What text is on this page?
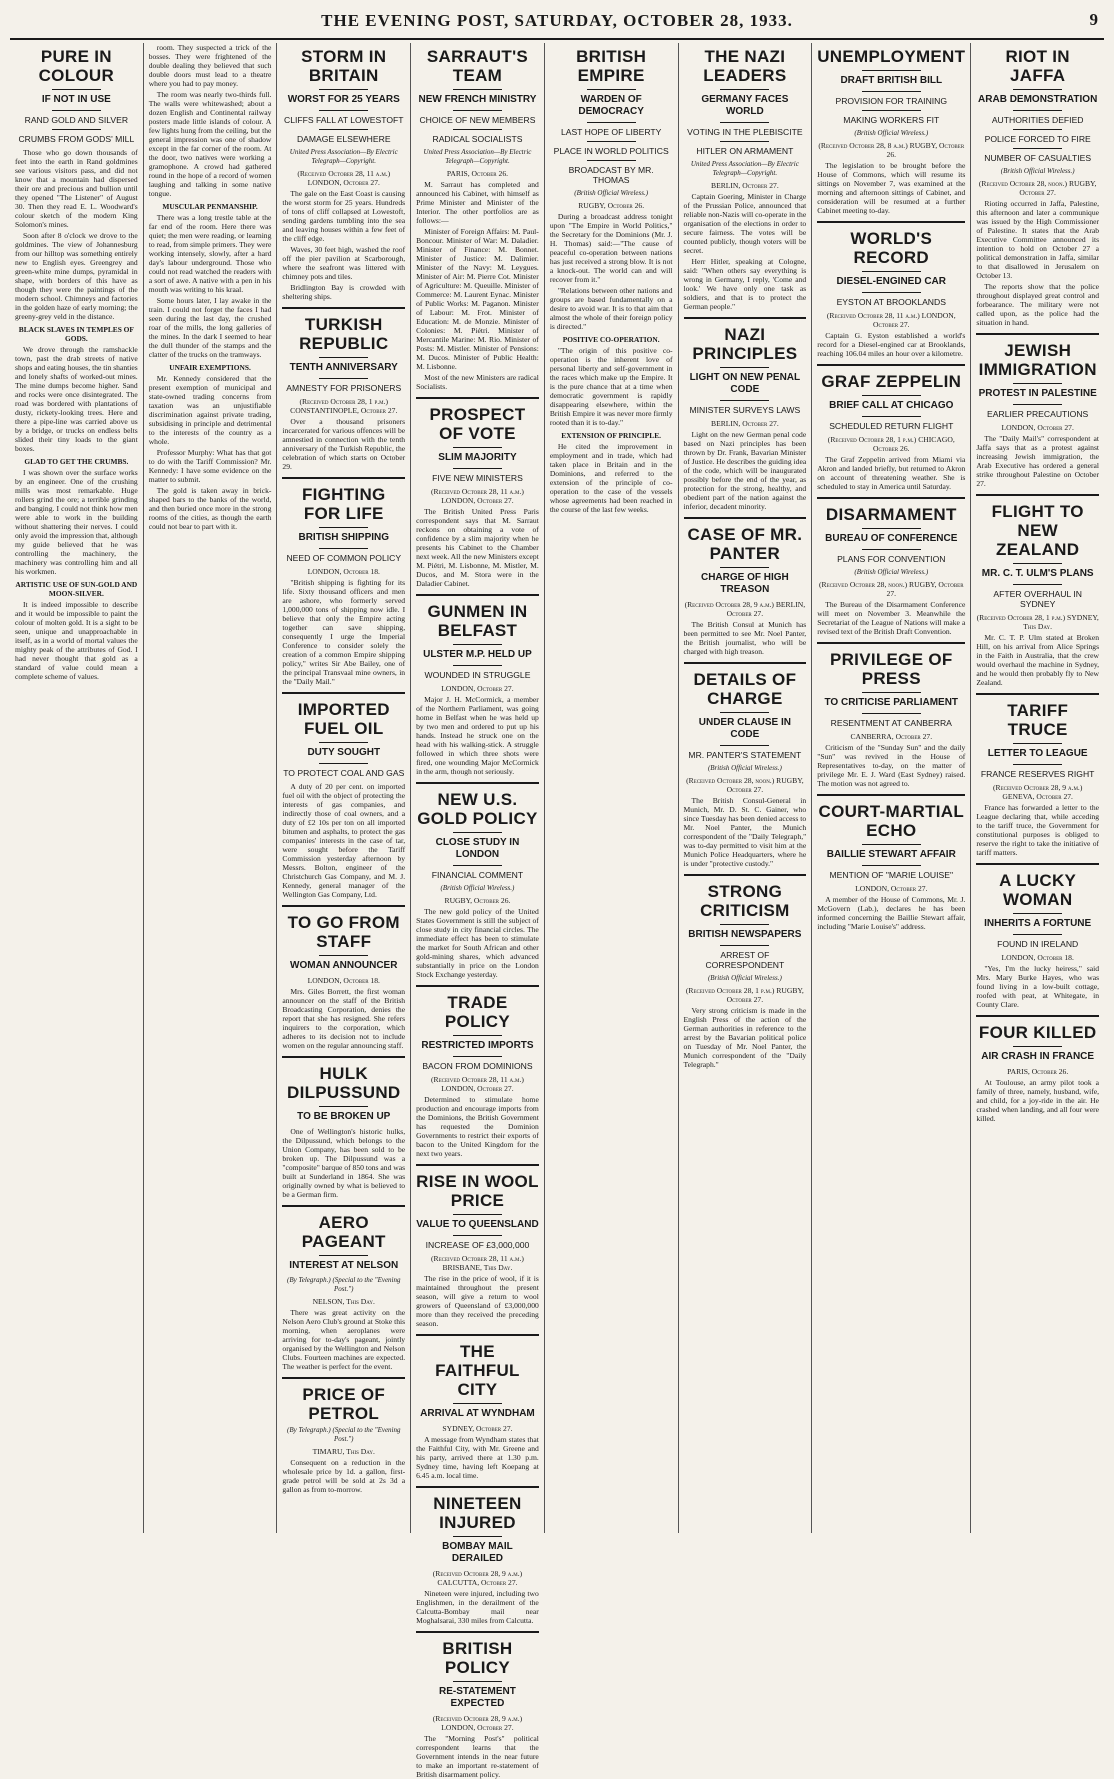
THE EVENING POST, SATURDAY, OCTOBER 28, 1933.	9
PURE IN COLOUR
IF NOT IN USE
RAND GOLD AND SILVER
CRUMBS FROM GODS' MILL

Those who go down thousands of feet into the earth in Rand goldmines see various visitors pass, and did not know that a mountain had dispersed their ore and precious and bullion until they opened "The Listener" of August 30. Then they read E. L. Woodward's colour sketch of the modern King Solomon's mines.

Soon after 8 o'clock we drove to the goldmines. The view of Johannesburg from our hilltop was something entirely new to English eyes. Greengrey and green-white mine dumps, pyramidal in shape, with borders of this have as though they were the paintings of the modern school. Chimneys and factories in the golden haze of early morning; the greeny-grey veld in the distance.

BLACK SLAVES IN TEMPLES OF GODS.

We drove through the ramshackle town, past the drab streets of native shops and eating houses, the tin shanties and lonely shafts of worked-out mines. The mine dumps become higher. Sand and rocks were once disintegrated. The road was bordered with plantations of dusty, rickety-looking trees. Here and there a pipe-line was carried above us by a bridge, or trucks on endless belts slided their tiny loads to the giant boxes.

GLAD TO GET THE CRUMBS.

I was shown over the surface works by an engineer. One of the crushing mills was most remarkable. Huge rollers grind the ore; a terrible grinding and banging. I could not think how men were able to work in the building without shattering their nerves. I could only avoid the impression that, although my guide believed that he was controlling the machinery, the machinery was controlling him and all his workmen.

ARTISTIC USE OF SUN-GOLD AND MOON-SILVER.

It is indeed impossible to describe and it would be impossible to paint the colour of molten gold. It is a sight to be seen, unique and unapproachable in itself, as in a world of mortal values the mighty peak of the attributes of God. I had never thought that gold as a standard of value could mean a complete scheme of values.

room. They suspected a trick of the bosses. They were frightened of the double dealing they believed that such double doors must lead to a theatre where you had to pay money.

The room was nearly two-thirds full. The walls were whitewashed; about a dozen English and Continental railway posters made little islands of colour. A few lights hung from the ceiling, but the general impression was one of shadow except in the far corner of the room. At the door, two natives were working a gramophone. A crowd had gathered round in the hope of a record of women laughing and talking in some native tongue.

MUSCULAR PENMANSHIP.

There was a long trestle table at the far end of the room. Here there was quiet; the men were reading, or learning to read, from simple primers. They were working intensely, slowly, after a hard day's labour underground. Those who could not read watched the readers with a sort of awe. A native with a pen in his mouth was writing to his kraal.

Some hours later, I lay awake in the train. I could not forget the faces I had seen during the last day, the crushed roar of the mills, the long galleries of the mines. In the dark I seemed to hear the dull thunder of the stamps and the clatter of the trucks on the tramways.

UNFAIR EXEMPTIONS.

Mr. Kennedy considered that the present exemption of municipal and state-owned trading concerns from taxation was an unjustifiable discrimination against private trading, subsidising in principle and detrimental to the interests of the country as a whole.

Professor Murphy: What has that got to do with the Tariff Commission? Mr. Kennedy: I have some evidence on the matter to submit.

The gold is taken away in brick-shaped bars to the banks of the world, and then buried once more in the strong rooms of the cities, as though the earth could not bear to part with it.

STORM IN BRITAIN
WORST FOR 25 YEARS
CLIFFS FALL AT LOWESTOFT
DAMAGE ELSEWHERE
United Press Association—By Electric Telegraph—Copyright.
(Received October 28, 11 a.m.) LONDON, October 27.

The gale on the East Coast is causing the worst storm for 25 years. Hundreds of tons of cliff collapsed at Lowestoft, sending gardens tumbling into the sea and leaving houses within a few feet of the cliff edge.

Waves, 30 feet high, washed the roof off the pier pavilion at Scarborough, where the seafront was littered with chimney pots and tiles.

Bridlington Bay is crowded with sheltering ships.

TURKISH REPUBLIC
TENTH ANNIVERSARY
AMNESTY FOR PRISONERS
(Received October 28, 1 p.m.) CONSTANTINOPLE, October 27.

Over a thousand prisoners incarcerated for various offences will be amnestied in connection with the tenth anniversary of the Turkish Republic, the celebration of which starts on October 29.

FIGHTING FOR LIFE
BRITISH SHIPPING
NEED OF COMMON POLICY
LONDON, October 18.

"British shipping is fighting for its life. Sixty thousand officers and men are ashore, who formerly served 1,000,000 tons of shipping now idle. I believe that only the Empire acting together can save shipping, consequently I urge the Imperial Conference to consider solely the creation of a common Empire shipping policy," writes Sir Abe Bailey, one of the principal Transvaal mine owners, in the "Daily Mail."

IMPORTED FUEL OIL
DUTY SOUGHT
TO PROTECT COAL AND GAS

A duty of 20 per cent. on imported fuel oil with the object of protecting the interests of gas companies, and indirectly those of coal owners, and a duty of £2 10s per ton on all imported bitumen and asphalts, to protect the gas companies' interests in the case of tar, were sought before the Tariff Commission yesterday afternoon by Messrs. Bolton, engineer of the Christchurch Gas Company, and M. J. Kennedy, general manager of the Wellington Gas Company, Ltd.

TO GO FROM STAFF
WOMAN ANNOUNCER
LONDON, October 18.

Mrs. Giles Borrett, the first woman announcer on the staff of the British Broadcasting Corporation, denies the report that she has resigned. She refers inquirers to the corporation, which adheres to its decision not to include women on the regular announcing staff.

HULK DILPUSSUND
TO BE BROKEN UP

One of Wellington's historic hulks, the Dilpussund, which belongs to the Union Company, has been sold to be broken up. The Dilpussund was a "composite" barque of 850 tons and was built at Sunderland in 1864. She was originally owned by what is believed to be a German firm.

AERO PAGEANT
INTEREST AT NELSON
(By Telegraph.) (Special to the "Evening Post.")
NELSON, This Day.

There was great activity on the Nelson Aero Club's ground at Stoke this morning, when aeroplanes were arriving for to-day's pageant, jointly organised by the Wellington and Nelson Clubs. Fourteen machines are expected. The weather is perfect for the event.

PRICE OF PETROL
(By Telegraph.) (Special to the "Evening Post.")
TIMARU, This Day.

Consequent on a reduction in the wholesale price by 1d. a gallon, first-grade petrol will be sold at 2s 3d a gallon as from to-morrow.

SARRAUT'S TEAM
NEW FRENCH MINISTRY
CHOICE OF NEW MEMBERS
RADICAL SOCIALISTS
United Press Association—By Electric Telegraph—Copyright.
PARIS, October 26.

M. Sarraut has completed and announced his Cabinet, with himself as Prime Minister and Minister of the Interior. The other portfolios are as follows:—

Minister of Foreign Affairs: M. Paul-Boncour. Minister of War: M. Daladier. Minister of Finance: M. Bonnet. Minister of Justice: M. Dalimier. Minister of the Navy: M. Leygues. Minister of Air: M. Pierre Cot. Minister of Agriculture: M. Queuille. Minister of Commerce: M. Laurent Eynac. Minister of Public Works: M. Paganon. Minister of Labour: M. Frot. Minister of Education: M. de Monzie. Minister of Colonies: M. Piétri. Minister of Mercantile Marine: M. Rio. Minister of Posts: M. Mistler. Minister of Pensions: M. Ducos. Minister of Public Health: M. Lisbonne.

Most of the new Ministers are radical Socialists.

PROSPECT OF VOTE
SLIM MAJORITY
FIVE NEW MINISTERS
(Received October 28, 11 a.m.) LONDON, October 27.

The British United Press Paris correspondent says that M. Sarraut reckons on obtaining a vote of confidence by a slim majority when he presents his Cabinet to the Chamber next week. All the new Ministers except M. Piétri, M. Lisbonne, M. Mistler, M. Ducos, and M. Stora were in the Daladier Cabinet.

GUNMEN IN BELFAST
ULSTER M.P. HELD UP
WOUNDED IN STRUGGLE
LONDON, October 27.

Major J. H. McCormick, a member of the Northern Parliament, was going home in Belfast when he was held up by two men and ordered to put up his hands. Instead he struck one on the head with his walking-stick. A struggle followed in which three shots were fired, one wounding Major McCormick in the arm, though not seriously.

NEW U.S. GOLD POLICY
CLOSE STUDY IN LONDON
FINANCIAL COMMENT
(British Official Wireless.)
RUGBY, October 26.

The new gold policy of the United States Government is still the subject of close study in city financial circles. The immediate effect has been to stimulate the market for South African and other gold-mining shares, which advanced substantially in price on the London Stock Exchange yesterday.

TRADE POLICY
RESTRICTED IMPORTS
BACON FROM DOMINIONS
(Received October 28, 11 a.m.) LONDON, October 27.

Determined to stimulate home production and encourage imports from the Dominions, the British Government has requested the Dominion Governments to restrict their exports of bacon to the United Kingdom for the next two years.

RISE IN WOOL PRICE
VALUE TO QUEENSLAND
INCREASE OF £3,000,000
(Received October 28, 11 a.m.) BRISBANE, This Day.

The rise in the price of wool, if it is maintained throughout the present season, will give a return to wool growers of Queensland of £3,000,000 more than they received the preceding season.

THE FAITHFUL CITY
ARRIVAL AT WYNDHAM
SYDNEY, October 27.

A message from Wyndham states that the Faithful City, with Mr. Greene and his party, arrived there at 1.30 p.m. Sydney time, having left Koepang at 6.45 a.m. local time.

NINETEEN INJURED
BOMBAY MAIL DERAILED
(Received October 28, 9 a.m.) CALCUTTA, October 27.

Nineteen were injured, including two Englishmen, in the derailment of the Calcutta-Bombay mail near Moghalsarai, 330 miles from Calcutta.

BRITISH POLICY
RE-STATEMENT EXPECTED
(Received October 28, 9 a.m.) LONDON, October 27.

The "Morning Post's" political correspondent learns that the Government intends in the near future to make an important re-statement of British disarmament policy.

BRITISH EMPIRE
WARDEN OF DEMOCRACY
LAST HOPE OF LIBERTY
PLACE IN WORLD POLITICS
BROADCAST BY MR. THOMAS
(British Official Wireless.)
RUGBY, October 26.

During a broadcast address tonight upon "The Empire in World Politics," the Secretary for the Dominions (Mr. J. H. Thomas) said:—"The cause of peaceful co-operation between nations has just received a strong blow. It is not a knock-out. The world can and will recover from it."

"Relations between other nations and groups are based fundamentally on a desire to avoid war. It is to that aim that almost the whole of their foreign policy is directed."

POSITIVE CO-OPERATION.

"The origin of this positive co-operation is the inherent love of personal liberty and self-government in the races which make up the Empire. It is the pure chance that at a time when democratic government is rapidly disappearing elsewhere, within the British Empire it was never more firmly rooted than it is to-day."

EXTENSION OF PRINCIPLE.

He cited the improvement in employment and in trade, which had taken place in Britain and in the Dominions, and referred to the extension of the principle of co-operation to the case of the vessels whose agreements had been reached in the course of the last few weeks.

THE NAZI LEADERS
GERMANY FACES WORLD
VOTING IN THE PLEBISCITE
HITLER ON ARMAMENT
United Press Association—By Electric Telegraph—Copyright.
BERLIN, October 27.

Captain Goering, Minister in Charge of the Prussian Police, announced that reliable non-Nazis will co-operate in the organisation of the elections in order to secure fairness. The votes will be counted publicly, though voters will be secret.

Herr Hitler, speaking at Cologne, said: "When others say everything is wrong in Germany, I reply, 'Come and look.' We have only one task as soldiers, and that is to protect the German people."

NAZI PRINCIPLES
LIGHT ON NEW PENAL CODE
MINISTER SURVEYS LAWS
BERLIN, October 27.

Light on the new German penal code based on Nazi principles has been thrown by Dr. Frank, Bavarian Minister of Justice. He describes the guiding idea of the code, which will be inaugurated possibly before the end of the year, as protection for the strong, healthy, and obedient part of the nation against the inferior, decadent minority.

CASE OF MR. PANTER
CHARGE OF HIGH TREASON
(Received October 28, 9 a.m.) BERLIN, October 27.

The British Consul at Munich has been permitted to see Mr. Noel Panter, the British journalist, who will be charged with high treason.

DETAILS OF CHARGE
UNDER CLAUSE IN CODE
MR. PANTER'S STATEMENT
(British Official Wireless.)
(Received October 28, noon.) RUGBY, October 27.

The British Consul-General in Munich, Mr. D. St. C. Gainer, who since Tuesday has been denied access to Mr. Noel Panter, the Munich correspondent of the "Daily Telegraph," was to-day permitted to visit him at the Munich Police Headquarters, where he is under "protective custody."

STRONG CRITICISM
BRITISH NEWSPAPERS
ARREST OF CORRESPONDENT
(British Official Wireless.)
(Received October 28, 1 p.m.) RUGBY, October 27.

Very strong criticism is made in the English Press of the action of the German authorities in reference to the arrest by the Bavarian political police on Tuesday of Mr. Noel Panter, the Munich correspondent of the "Daily Telegraph."

UNEMPLOYMENT
DRAFT BRITISH BILL
PROVISION FOR TRAINING
MAKING WORKERS FIT
(British Official Wireless.)
(Received October 28, 8 a.m.) RUGBY, October 26.

The legislation to be brought before the House of Commons, which will resume its sittings on November 7, was examined at the morning and afternoon sittings of Cabinet, and consideration will be resumed at a further Cabinet meeting to-day.

WORLD'S RECORD
DIESEL-ENGINED CAR
EYSTON AT BROOKLANDS
(Received October 28, 11 a.m.) LONDON, October 27.

Captain G. Eyston established a world's record for a Diesel-engined car at Brooklands, reaching 106.04 miles an hour over a kilometre.

GRAF ZEPPELIN
BRIEF CALL AT CHICAGO
SCHEDULED RETURN FLIGHT
(Received October 28, 1 p.m.) CHICAGO, October 26.

The Graf Zeppelin arrived from Miami via Akron and landed briefly, but returned to Akron on account of threatening weather. She is scheduled to stay in America until Saturday.

DISARMAMENT
BUREAU OF CONFERENCE
PLANS FOR CONVENTION
(British Official Wireless.)
(Received October 28, noon.) RUGBY, October 27.

The Bureau of the Disarmament Conference will meet on November 3. Meanwhile the Secretariat of the League of Nations will make a revised text of the British Draft Convention.

PRIVILEGE OF PRESS
TO CRITICISE PARLIAMENT
RESENTMENT AT CANBERRA
CANBERRA, October 27.

Criticism of the "Sunday Sun" and the daily "Sun" was revived in the House of Representatives to-day, on the matter of privilege Mr. E. J. Ward (East Sydney) raised. The motion was not agreed to.

COURT-MARTIAL ECHO
BAILLIE STEWART AFFAIR
MENTION OF "MARIE LOUISE"
LONDON, October 27.

A member of the House of Commons, Mr. J. McGovern (Lab.), declares he has been informed concerning the Baillie Stewart affair, including "Marie Louise's" address.

RIOT IN JAFFA
ARAB DEMONSTRATION
AUTHORITIES DEFIED
POLICE FORCED TO FIRE
NUMBER OF CASUALTIES
(British Official Wireless.)
(Received October 28, noon.) RUGBY, October 27.

Rioting occurred in Jaffa, Palestine, this afternoon and later a communique was issued by the High Commissioner of Palestine. It states that the Arab Executive Committee announced its intention to hold on October 27 a political demonstration in Jaffa, similar to that disallowed in Jerusalem on October 13.

The reports show that the police throughout displayed great control and forbearance. The military were not called upon, as the police had the situation in hand.

JEWISH IMMIGRATION
PROTEST IN PALESTINE
EARLIER PRECAUTIONS
LONDON, October 27.

The "Daily Mail's" correspondent at Jaffa says that as a protest against increasing Jewish immigration, the Arab Executive has ordered a general strike throughout Palestine on October 27.

FLIGHT TO NEW ZEALAND
MR. C. T. ULM'S PLANS
AFTER OVERHAUL IN SYDNEY
(Received October 28, 1 p.m.) SYDNEY, This Day.

Mr. C. T. P. Ulm stated at Broken Hill, on his arrival from Alice Springs in the Faith in Australia, that the crew would overhaul the machine in Sydney, and he would then probably fly to New Zealand.

TARIFF TRUCE
LETTER TO LEAGUE
FRANCE RESERVES RIGHT
(Received October 28, 9 a.m.) GENEVA, October 27.

France has forwarded a letter to the League declaring that, while acceding to the tariff truce, the Government for constitutional purposes is obliged to reserve the right to take the initiative of tariff matters.

A LUCKY WOMAN
INHERITS A FORTUNE
FOUND IN IRELAND
LONDON, October 18.

"Yes, I'm the lucky heiress," said Mrs. Mary Burke Hayes, who was found living in a low-built cottage, roofed with peat, at Whitegate, in County Clare.

FOUR KILLED
AIR CRASH IN FRANCE
PARIS, October 26.

At Toulouse, an army pilot took a family of three, namely, husband, wife, and child, for a joy-ride in the air. He crashed when landing, and all four were killed.
